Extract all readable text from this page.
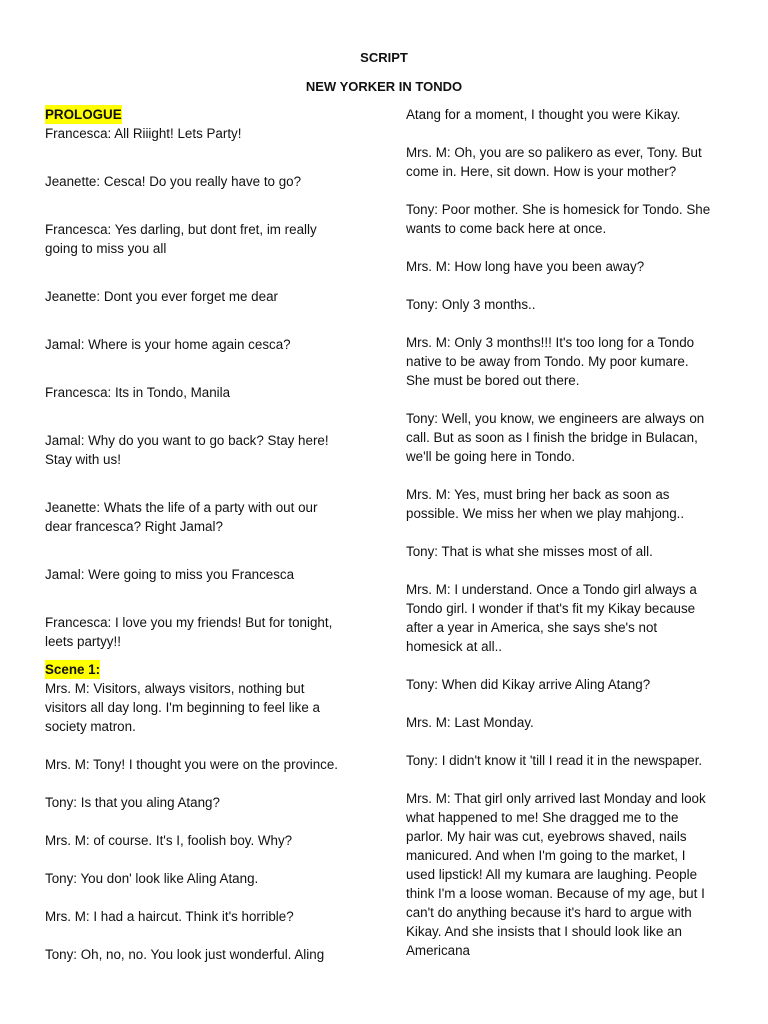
SCRIPT
NEW YORKER IN TONDO
PROLOGUE

Francesca: All Riiight! Lets Party!

Jeanette: Cesca! Do you really have to go?

Francesca: Yes darling, but dont fret, im really
going to miss you all

Jeanette: Dont you ever forget me dear

Jamal: Where is your home again cesca?

Francesca: Its in Tondo, Manila

Jamal: Why do you want to go back? Stay here!
Stay with us!

Jeanette: Whats the life of a party with out our
dear francesca? Right Jamal?

Jamal: Were going to miss you Francesca

Francesca: I love you my friends! But for tonight,
leets partyy!!

Scene 1:

Mrs. M: Visitors, always visitors, nothing but
visitors all day long. I'm beginning to feel like a
society matron.

Mrs. M: Tony! I thought you were on the province.

Tony: Is that you aling Atang?

Mrs. M: of course. It's I, foolish boy. Why?

Tony: You don' look like Aling Atang.

Mrs. M: I had a haircut. Think it's horrible?

Tony: Oh, no, no. You look just wonderful. Aling

Atang for a moment, I thought you were Kikay.

Mrs. M: Oh, you are so palikero as ever, Tony. But
come in. Here, sit down. How is your mother?

Tony: Poor mother. She is homesick for Tondo. She
wants to come back here at once.

Mrs. M: How long have you been away?

Tony: Only 3 months..

Mrs. M: Only 3 months!!! It's too long for a Tondo
native to be away from Tondo. My poor kumare.
She must be bored out there.

Tony: Well, you know, we engineers are always on
call. But as soon as I finish the bridge in Bulacan,
we'll be going here in Tondo.

Mrs. M: Yes, must bring her back as soon as
possible. We miss her when we play mahjong..

Tony: That is what she misses most of all.

Mrs. M: I understand. Once a Tondo girl always a
Tondo girl. I wonder if that's fit my Kikay because
after a year in America, she says she's not
homesick at all..

Tony: When did Kikay arrive Aling Atang?

Mrs. M: Last Monday.

Tony: I didn't know it 'till I read it in the newspaper.

Mrs. M: That girl only arrived last Monday and look
what happened to me! She dragged me to the
parlor. My hair was cut, eyebrows shaved, nails
manicured. And when I'm going to the market, I
used lipstick! All my kumara are laughing. People
think I'm a loose woman. Because of my age, but I
can't do anything because it's hard to argue with
Kikay. And she insists that I should look like an
Americana
